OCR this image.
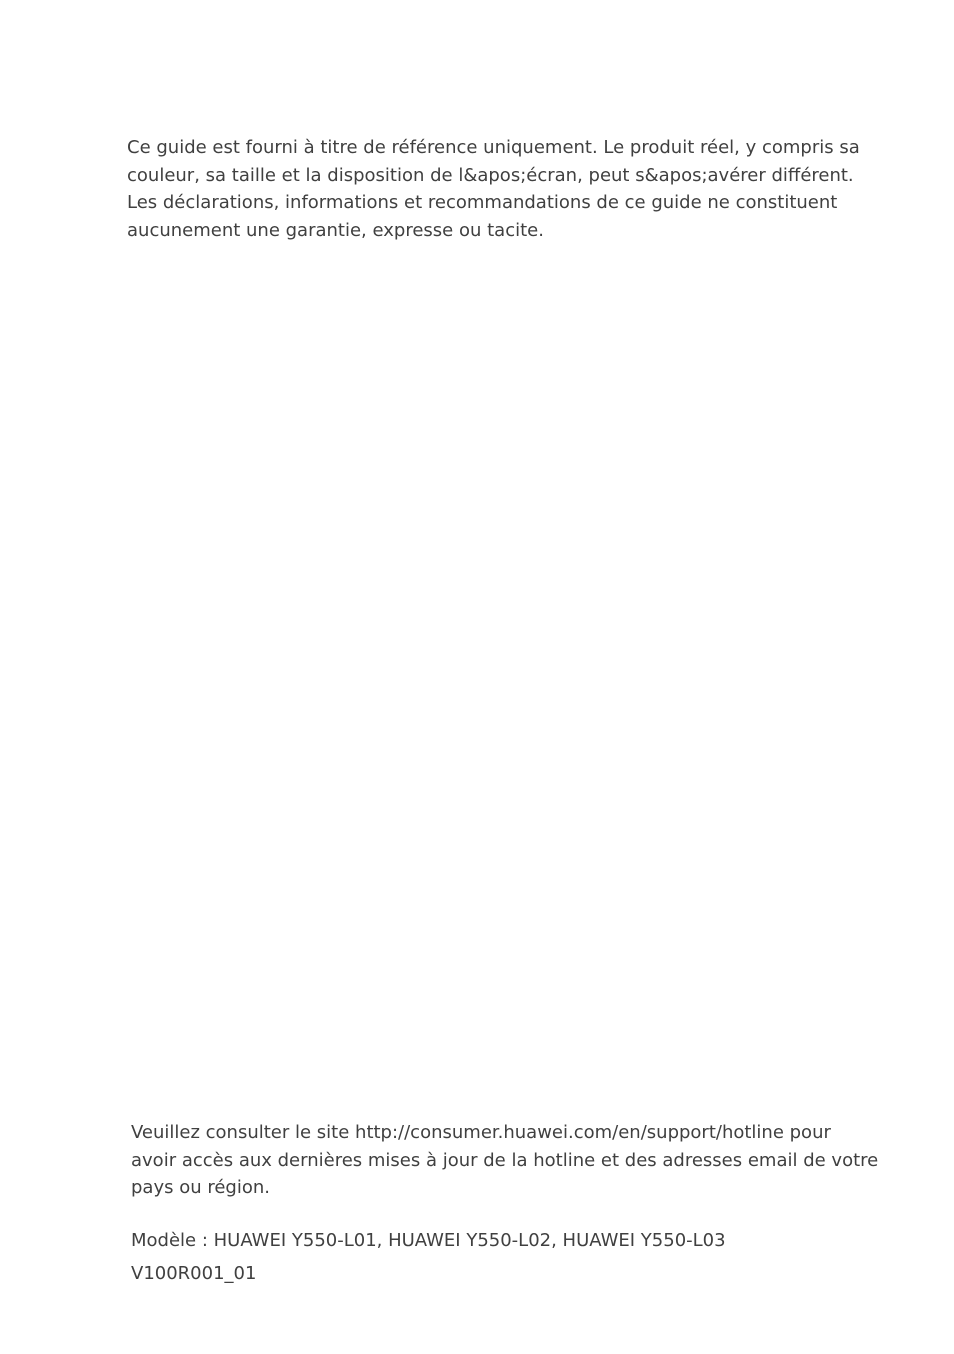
Ce guide est fourni à titre de référence uniquement. Le produit réel, y compris sa

couleur, sa taille et la disposition de l&apos;écran, peut s&apos;avérer différent.

Les déclarations, informations et recommandations de ce guide ne constituent

aucunement une garantie, expresse ou tacite.

Veuillez consulter le site http://consumer.huawei.com/en/support/hotline pour

avoir accès aux dernières mises à jour de la hotline et des adresses email de votre

pays ou région.

Modèle : HUAWEI Y550-L01, HUAWEI Y550-L02, HUAWEI Y550-L03

V100R001_01
